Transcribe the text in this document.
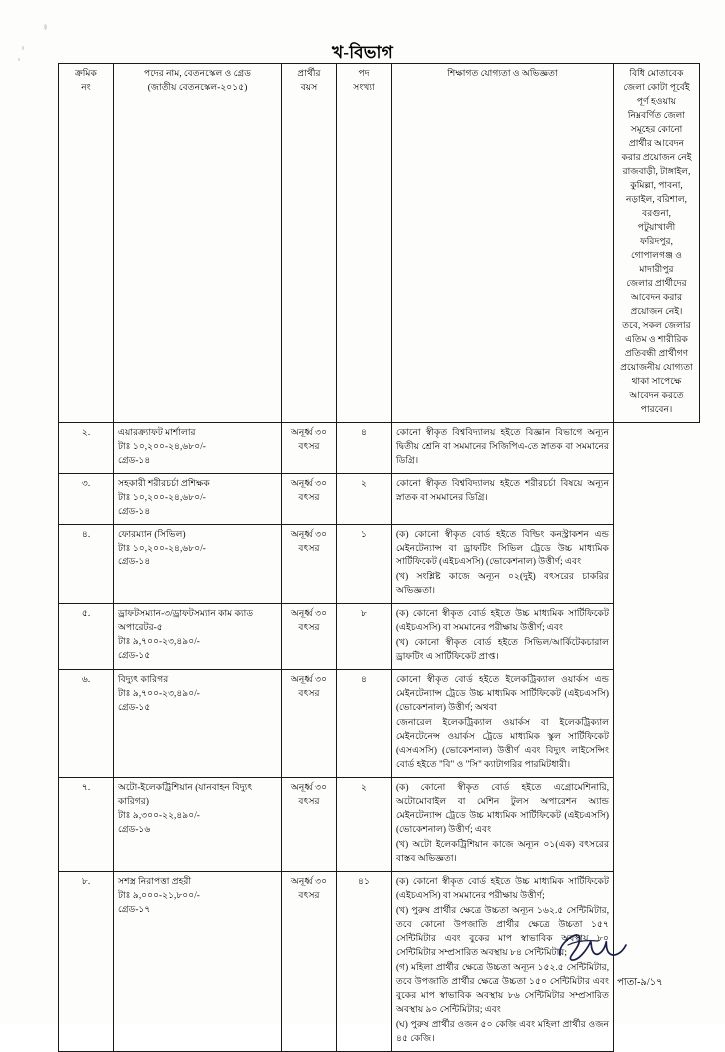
খ-বিভাগ
ক্রমিক
নং
	পদের নাম, বেতনস্কেল ও গ্রেড
(জাতীয় বেতনস্কেল-২০১৫)
	প্রার্থীর
বয়স
	পদ
সংখ্যা
	শিক্ষাগত যোগ্যতা ও অভিজ্ঞতা	বিধি মোতাবেক
জেলা কোটা পূর্বেই
পূর্ণ হওয়ায়
নিম্নবর্ণিত জেলা
সমূহের কোনো
প্রার্থীর আবেদন
করার প্রয়োজন নেই
রাজবাড়ী, টাঙ্গাইল,
কুমিল্লা, পাবনা,
নড়াইল, বরিশাল,
বরগুনা,
পটুয়াখালী
ফরিদপুর,
গোপালগঞ্জ ও
মাদারীপুর
জেলার প্রার্থীদের
আবেদন করার
প্রয়োজন নেই।
তবে, সকল জেলার
এতিম ও শারীরিক
প্রতিবন্ধী প্রার্থীগণ
প্রয়োজনীয় যোগ্যতা
থাকা সাপেক্ষে
আবেদন করতে
পারবেন।
২.	এয়ারক্র্যাফট মার্শালার
টাঃ ১০,২০০-২৪,৬৮০/-
গ্রেড-১৪	অনূর্ধ্ব ৩০
বৎসর	৪	কোনো স্বীকৃত বিশ্ববিদ্যালয় হইতে বিজ্ঞান বিভাগে অন্যূন দ্বিতীয় শ্রেনি বা সমমানের সিজিপিএ-তে স্নাতক বা সমমানের ডিগ্রি।	

৩.	সহকারী শরীরচর্চা প্রশিক্ষক
টাঃ ১০,২০০-২৪,৬৮০/-
গ্রেড-১৪	অনূর্ধ্ব ৩০
বৎসর	২	কোনো স্বীকৃত বিশ্ববিদ্যালয় হইতে শরীরচর্চা বিষয়ে অন্যূন স্নাতক বা সমমানের ডিগ্রি।	

৪.	ফোরম্যান (সিভিল)
টাঃ ১০,২০০-২৪,৬৮০/-
গ্রেড-১৪

অনূর্ধ্ব ৩০
বৎসর
	১	(ক) কোনো স্বীকৃত বোর্ড হইতে বিল্ডিং কনস্ট্রাকশন এন্ড মেইনটেন্যান্স বা ড্রাফটিং সিভিল ট্রেডে উচ্চ মাধ্যমিক সার্টিফিকেট (এইচএসসি) (ভোকেশনাল) উত্তীর্ণ; এবং
(খ) সংশ্লিষ্ট কাজে অন্যূন ০২(দুই) বৎসরের চাকরির অভিজ্ঞতা।

৫.	ড্রাফটসম্যান-৩/ড্রাফটসম্যান কাম ক্যাড
অপারেটর-৫
টাঃ ৯,৭০০-২৩,৪৯০/-
গ্রেড-১৫	অনূর্ধ্ব ৩০
বৎসর	৮	(ক) কোনো স্বীকৃত বোর্ড হইতে উচ্চ মাধ্যমিক সার্টিফিকেট (এইচএসসি) বা সমমানের পরীক্ষায় উত্তীর্ণ; এবং
(খ) কোনো স্বীকৃত বোর্ড হইতে সিভিল/আর্কিটেকচারাল ড্রাফটিং এ সার্টিফিকেট প্রাপ্ত।	

৬.	বিদ্যুৎ কারিগর
টাঃ ৯,৭০০-২৩,৪৯০/-
গ্রেড-১৫

অনূর্ধ্ব ৩০
বৎসর
	৪	কোনো স্বীকৃত বোর্ড হইতে ইলেকট্রিক্যাল ওয়ার্কস এন্ড মেইনটেন্যান্স ট্রেডে উচ্চ মাধ্যমিক সার্টিফিকেট (এইচএসসি) (ভোকেশনাল) উত্তীর্ণ; অথবা
জেনারেল ইলেকট্রিক্যাল ওয়ার্কস বা ইলেকট্রিক্যাল মেইনটেনেন্স ওয়ার্কস ট্রেডে মাধ্যমিক স্কুল সার্টিফিকেট (এসএসসি) (ভোকেশনাল) উত্তীর্ণ এবং বিদ্যুৎ লাইসেন্সিং বোর্ড হইতে "বি" ও "সি" ক্যাটাগরির পারমিটধারী।

৭.	অটো-ইলেকট্রিশিয়ান (যানবাহন বিদ্যুৎ
কারিগর)
টাঃ ৯,৩০০-২২,৪৯০/-
গ্রেড-১৬

অনূর্ধ্ব ৩০
বৎসর
	২	(ক) কোনো স্বীকৃত বোর্ড হইতে এগ্রোমেশিনারি, অটোমোবাইল বা মেশিন টুলস অপারেশন অ্যান্ড মেইনটেন্যান্স ট্রেডে উচ্চ মাধ্যমিক সার্টিফিকেট (এইচএসসি) (ভোকেশনাল) উত্তীর্ণ; এবং
(খ) অটো ইলেকট্রিশিয়ান কাজে অন্যূন ০১(এক) বৎসরের বাস্তব অভিজ্ঞতা।

৮.	সশস্ত্র নিরাপত্তা প্রহরী
টাঃ ৯,০০০-২১,৮০০/-
গ্রেড-১৭

অনূর্ধ্ব ৩০
বৎসর
	৪১	(ক) কোনো স্বীকৃত বোর্ড হইতে উচ্চ মাধ্যমিক সার্টিফিকেট (এইচএসসি) বা সমমানের পরীক্ষায় উত্তীর্ণ;
(খ) পুরুষ প্রার্থীর ক্ষেত্রে উচ্চতা অন্যূন ১৬২.৫ সেন্টিমিটার, তবে কোনো উপজাতি প্রার্থীর ক্ষেত্রে উচ্চতা ১৫৭ সেন্টিমিটার এবং বুকের মাপ স্বাভাবিক অবস্থায় ৮০ সেন্টিমিটার সম্প্রসারিত অবস্থায় ৮৪ সেন্টিমিটার;
(গ) মহিলা প্রার্থীর ক্ষেত্রে উচ্চতা অন্যূন ১৫২.৫ সেন্টিমিটার, তবে উপজাতি প্রার্থীর ক্ষেত্রে উচ্চতা ১৫০ সেন্টিমিটার এবং বুকের মাপ স্বাভাবিক অবস্থায় ৮৬ সেন্টিমিটার সম্প্রসারিত অবস্থায় ৯০ সেন্টিমিটার; এবং
(ঘ) পুরুষ প্রার্থীর ওজন ৫০ কেজি এবং মহিলা প্রার্থীর ওজন ৪৫ কেজি।
পাতা-৯/১৭
